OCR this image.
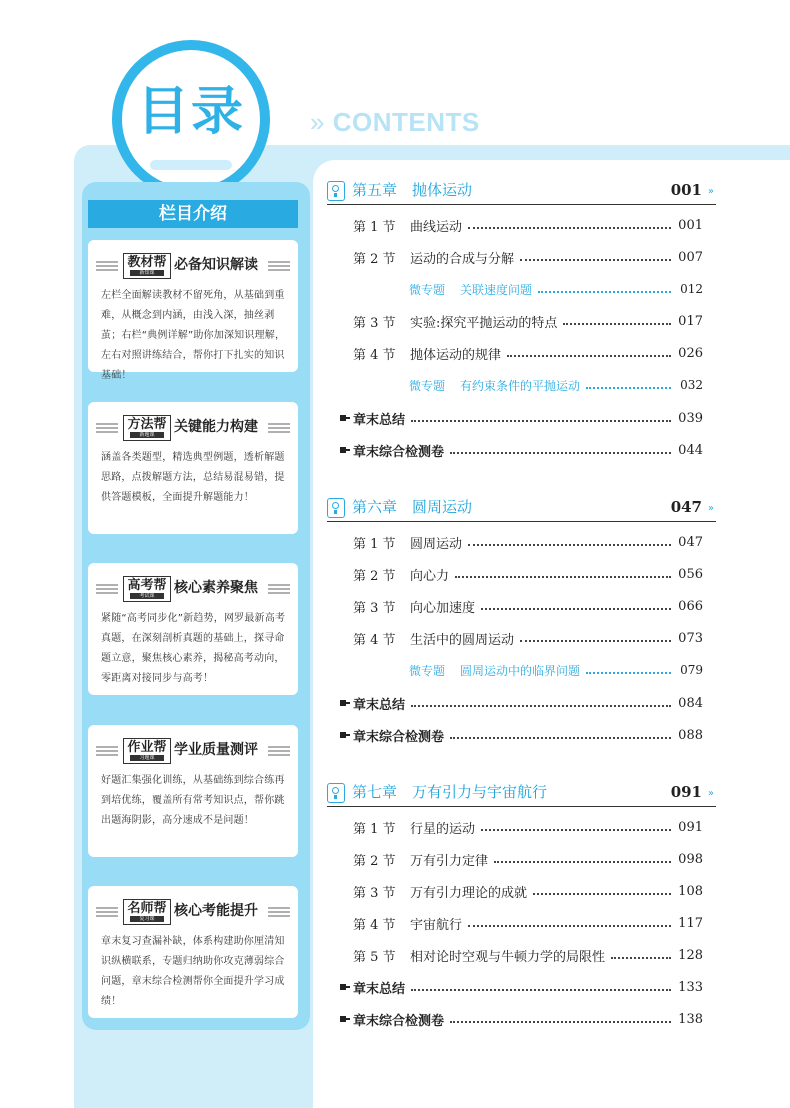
目录	» CONTENTS
栏目介绍
教材帮
新知课	必备知识解读
左栏全面解读教材不留死角，从基础到重难，从概念到内涵，由浅入深，抽丝剥茧；右栏“典例详解”助你加深知识理解，左右对照讲练结合，帮你打下扎实的知识基础！
方法帮
新题课	关键能力构建
涵盖各类题型，精选典型例题，透析解题思路，点拨解题方法，总结易混易错，提供答题模板，全面提升解题能力！
高考帮
考试课	核心素养聚焦
紧随“高考同步化”新趋势，网罗最新高考真题，在深刻剖析真题的基础上，探寻命题立意，聚焦核心素养，揭秘高考动向，零距离对接同步与高考！
作业帮
习题课	学业质量测评
好题汇集强化训练，从基础练到综合练再到培优练，覆盖所有常考知识点，帮你跳出题海阴影，高分速成不是问题！
名师帮
复习课	核心考能提升
章末复习查漏补缺，体系构建助你厘清知识纵横联系，专题归纳助你攻克薄弱综合问题，章末综合检测帮你全面提升学习成绩！
第五章　抛体运动	001 »
第 1 节	曲线运动	001
第 2 节	运动的合成与分解	007
微专题 关联速度问题	012
第 3 节	实验:探究平抛运动的特点	017
第 4 节	抛体运动的规律	026
微专题 有约束条件的平抛运动	032
章末总结	039
章末综合检测卷	044
第六章　圆周运动	047 »
第 1 节	圆周运动	047
第 2 节	向心力	056
第 3 节	向心加速度	066
第 4 节	生活中的圆周运动	073
微专题 圆周运动中的临界问题	079
章末总结	084
章末综合检测卷	088
第七章　万有引力与宇宙航行	091 »
第 1 节	行星的运动	091
第 2 节	万有引力定律	098
第 3 节	万有引力理论的成就	108
第 4 节	宇宙航行	117
第 5 节	相对论时空观与牛顿力学的局限性	128
章末总结	133
章末综合检测卷	138
